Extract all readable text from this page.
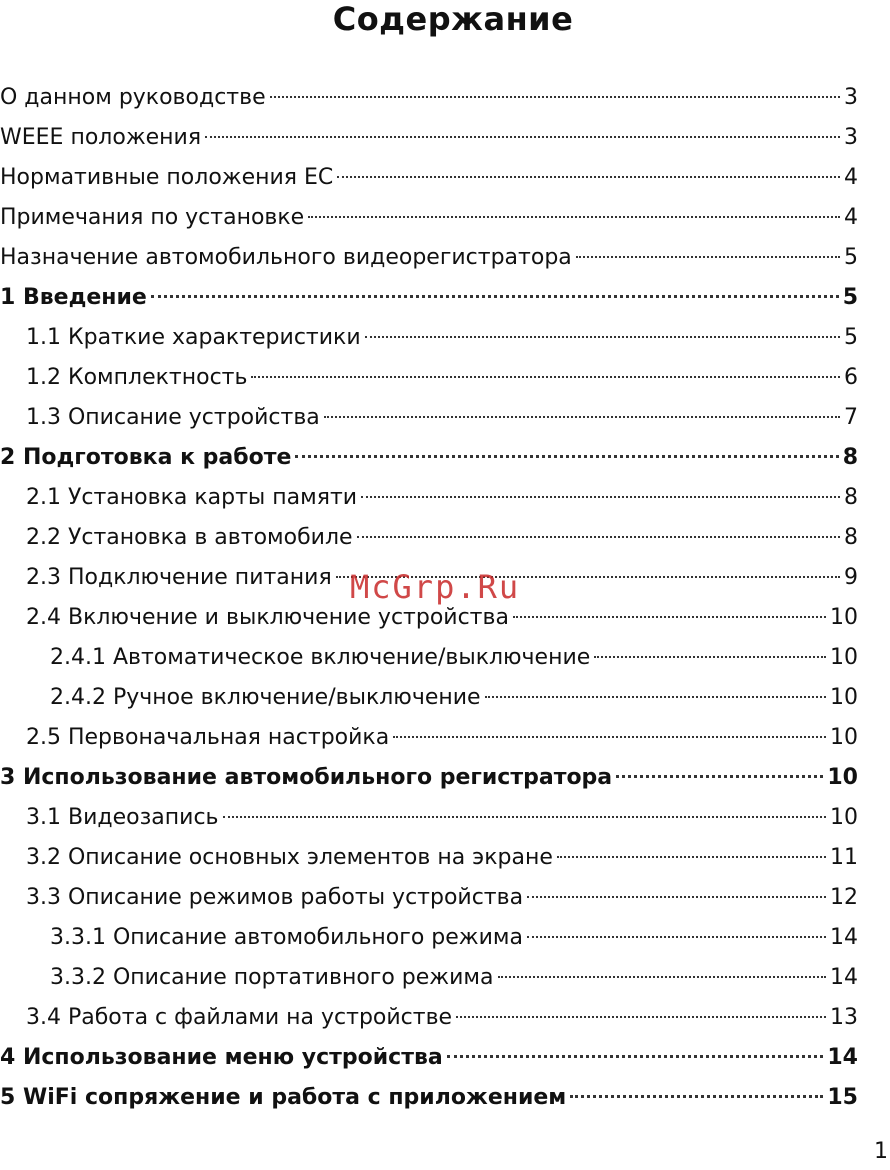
Содержание
О данном руководстве	3
WEEE положения	3
Нормативные положения ЕС	4
Примечания по установке	4
Назначение автомобильного видеорегистратора	5
1 Введение	5
1.1 Краткие характеристики	5
1.2 Комплектность	6
1.3 Описание устройства	7
2 Подготовка к работе	8
2.1 Установка карты памяти	8
2.2 Установка в автомобиле	8
2.3 Подключение питания	9
2.4 Включение и выключение устройства	10
2.4.1 Автоматическое включение/выключение	10
2.4.2 Ручное включение/выключение	10
2.5 Первоначальная настройка	10
3 Использование автомобильного регистратора	10
3.1 Видеозапись	10
3.2 Описание основных элементов на экране	11
3.3 Описание режимов работы устройства	12
3.3.1 Описание автомобильного режима	14
3.3.2 Описание портативного режима	14
3.4 Работа с файлами на устройстве	13
4 Использование меню устройства	14
5 WiFi сопряжение и работа с приложением	15
McGrp.Ru
1
